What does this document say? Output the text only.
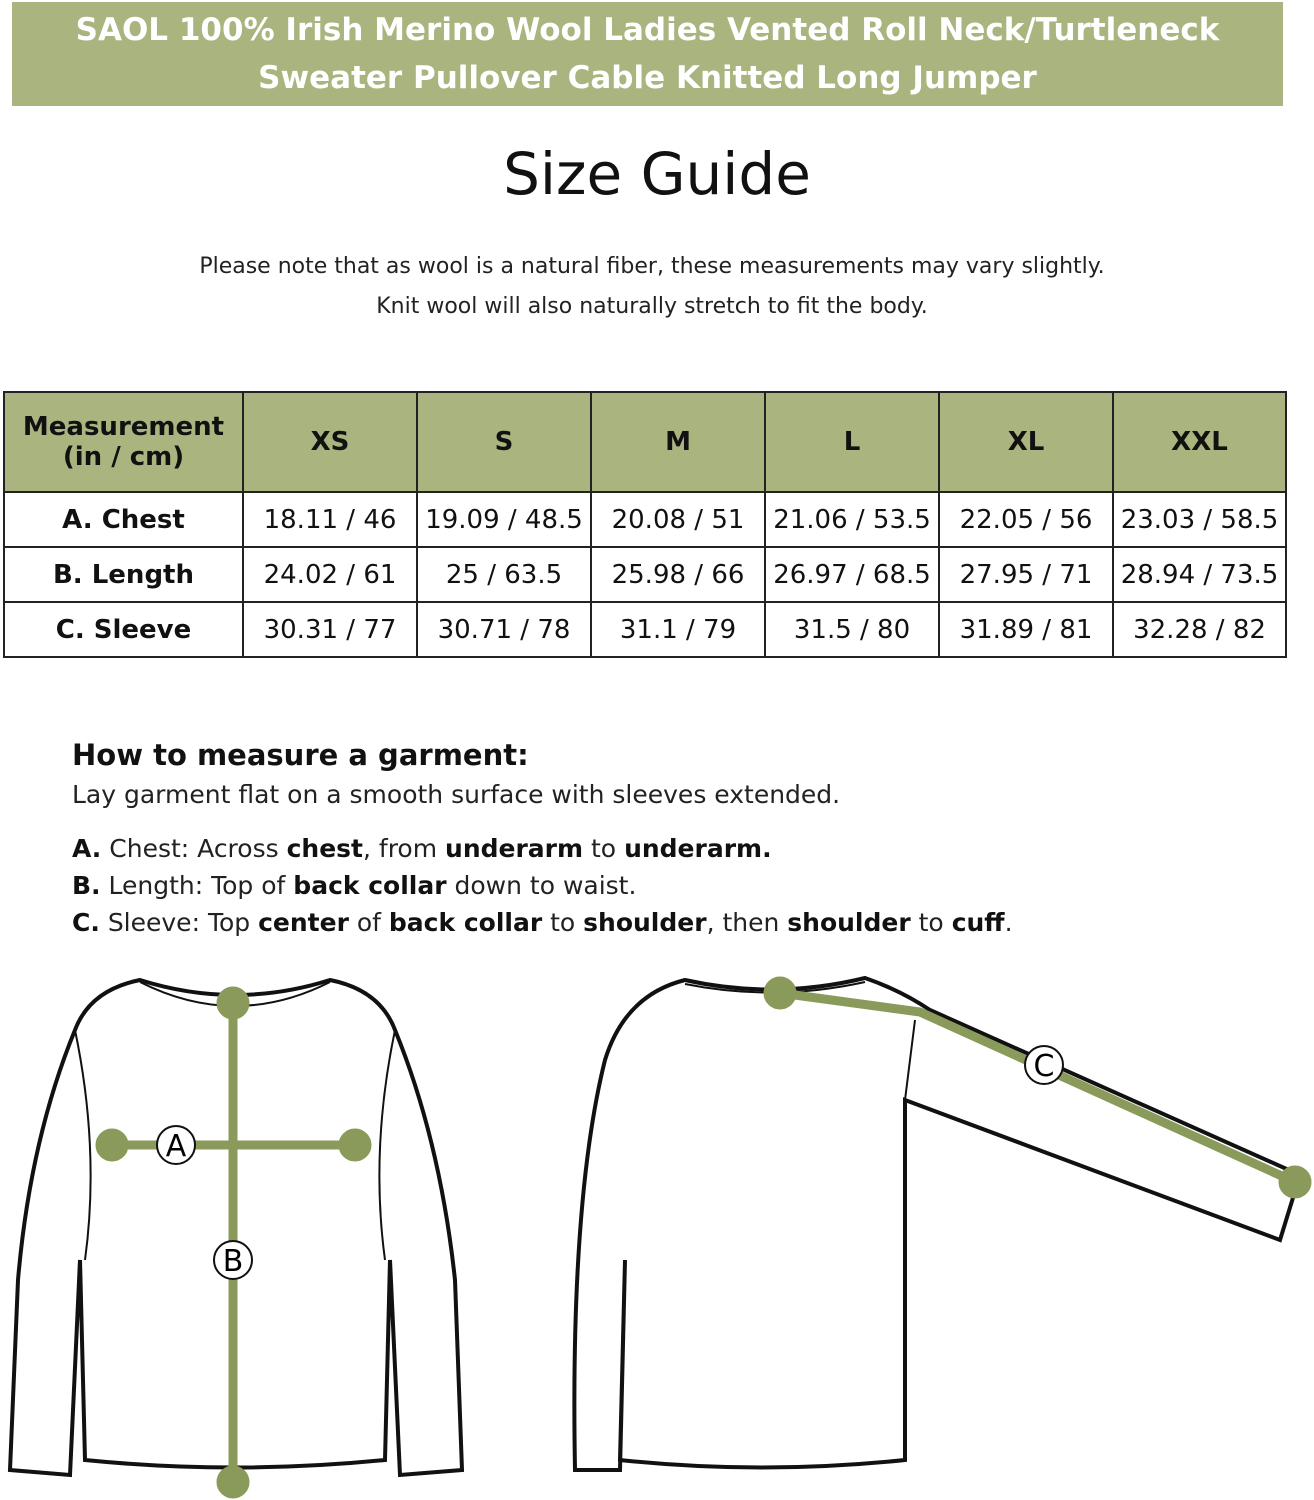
SAOL 100% Irish Merino Wool Ladies Vented Roll Neck/Turtleneck
Sweater Pullover Cable Knitted Long Jumper
Size Guide
Please note that as wool is a natural fiber, these measurements may vary slightly.
Knit wool will also naturally stretch to fit the body.
Measurement
(in / cm)	XS	S	M	L	XL	XXL
A. Chest	18.11 / 46	19.09 / 48.5	20.08 / 51	21.06 / 53.5	22.05 / 56	23.03 / 58.5
B. Length	24.02 / 61	25 / 63.5	25.98 / 66	26.97 / 68.5	27.95 / 71	28.94 / 73.5
C. Sleeve	30.31 / 77	30.71 / 78	31.1 / 79	31.5 / 80	31.89 / 81	32.28 / 82
How to measure a garment:
Lay garment flat on a smooth surface with sleeves extended.
A. Chest: Across chest, from underarm to underarm.
B. Length: Top of back collar down to waist.
C. Sleeve: Top center of back collar to shoulder, then shoulder to cuff.
A
B
C
